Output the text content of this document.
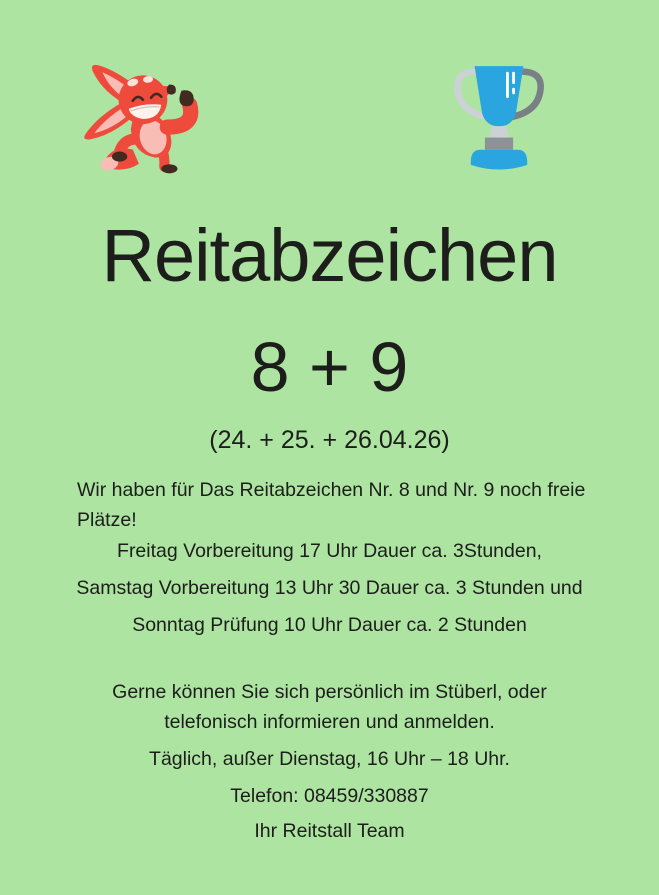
Reitabzeichen
8 + 9
(24. + 25. + 26.04.26)

Wir haben für Das Reitabzeichen Nr. 8 und Nr. 9 noch freie Plätze!

Freitag Vorbereitung 17 Uhr Dauer ca. 3Stunden,
Samstag Vorbereitung 13 Uhr 30 Dauer ca. 3 Stunden und
Sonntag Prüfung 10 Uhr Dauer ca. 2 Stunden

Gerne können Sie sich persönlich im Stüberl, oder telefonisch informieren und anmelden.

Täglich, außer Dienstag, 16 Uhr – 18 Uhr.
Telefon: 08459/330887
Ihr Reitstall Team
